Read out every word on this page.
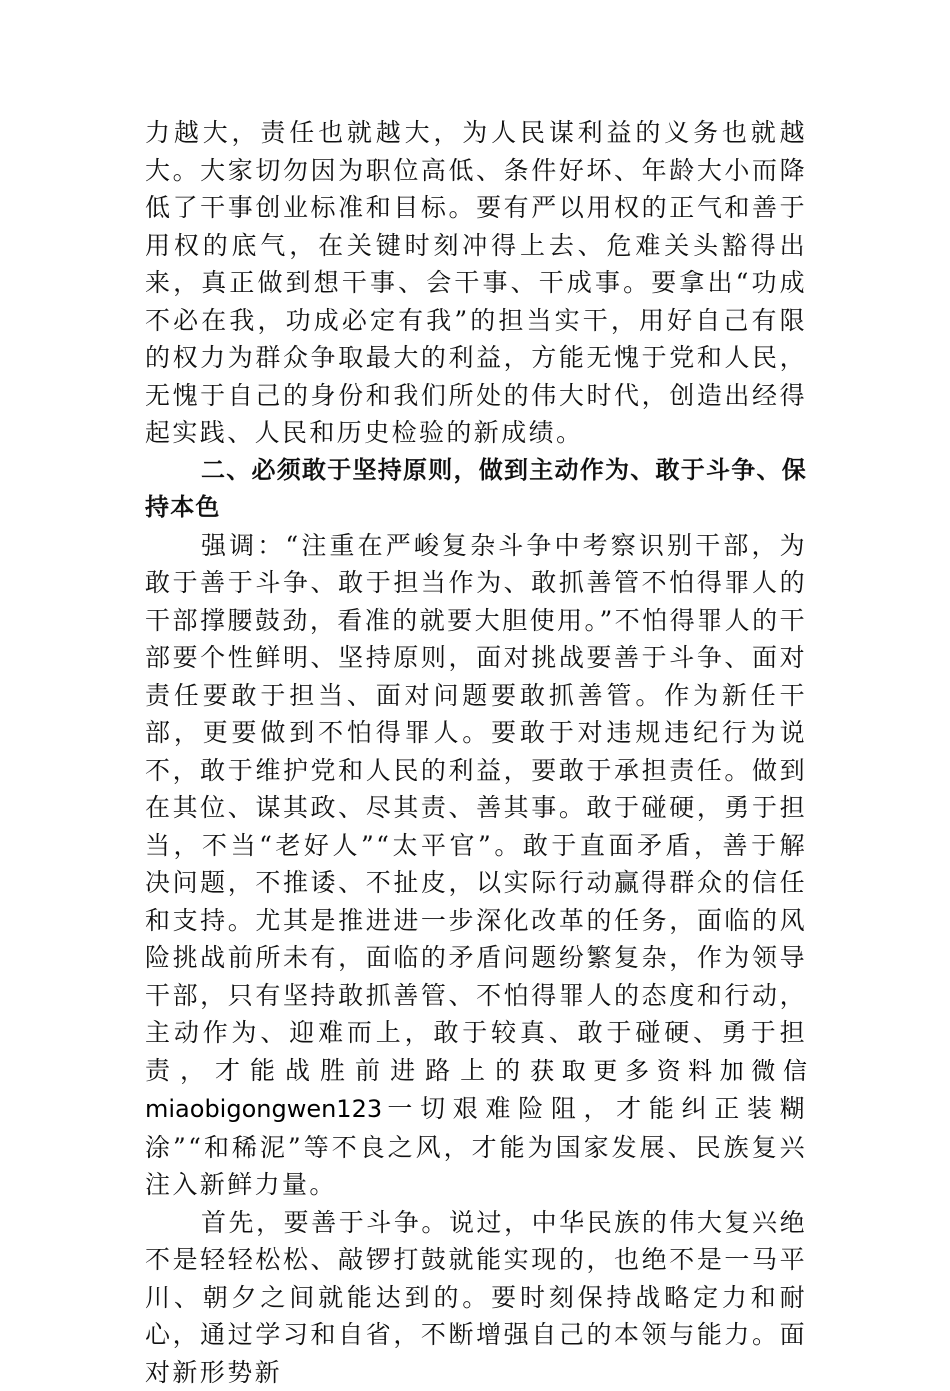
力越大，责任也就越大，为人民谋利益的义务也就越大。大家切勿因为职位高低、条件好坏、年龄大小而降低了干事创业标准和目标。要有严以用权的正气和善于用权的底气，在关键时刻冲得上去、危难关头豁得出来，真正做到想干事、会干事、干成事。要拿出“功成不必在我，功成必定有我”的担当实干，用好自己有限的权力为群众争取最大的利益，方能无愧于党和人民，无愧于自己的身份和我们所处的伟大时代，创造出经得起实践、人民和历史检验的新成绩。

二、必须敢于坚持原则，做到主动作为、敢于斗争、保持本色

强调：“注重在严峻复杂斗争中考察识别干部，为敢于善于斗争、敢于担当作为、敢抓善管不怕得罪人的干部撑腰鼓劲，看准的就要大胆使用。”不怕得罪人的干部要个性鲜明、坚持原则，面对挑战要善于斗争、面对责任要敢于担当、面对问题要敢抓善管。作为新任干部，更要做到不怕得罪人。要敢于对违规违纪行为说不，敢于维护党和人民的利益，要敢于承担责任。做到在其位、谋其政、尽其责、善其事。敢于碰硬，勇于担当，不当“老好人”“太平官”。敢于直面矛盾，善于解决问题，不推诿、不扯皮，以实际行动赢得群众的信任和支持。尤其是推进进一步深化改革的任务，面临的风险挑战前所未有，面临的矛盾问题纷繁复杂，作为领导干部，只有坚持敢抓善管、不怕得罪人的态度和行动，主动作为、迎难而上，敢于较真、敢于碰硬、勇于担责，才能战胜前进路上的获取更多资料加微信 miaobigongwen123一切艰难险阻，才能纠正装糊涂”“和稀泥”等不良之风，才能为国家发展、民族复兴注入新鲜力量。

首先，要善于斗争。说过，中华民族的伟大复兴绝不是轻轻松松、敲锣打鼓就能实现的，也绝不是一马平川、朝夕之间就能达到的。要时刻保持战略定力和耐心，通过学习和自省，不断增强自己的本领与能力。面对新形势新
